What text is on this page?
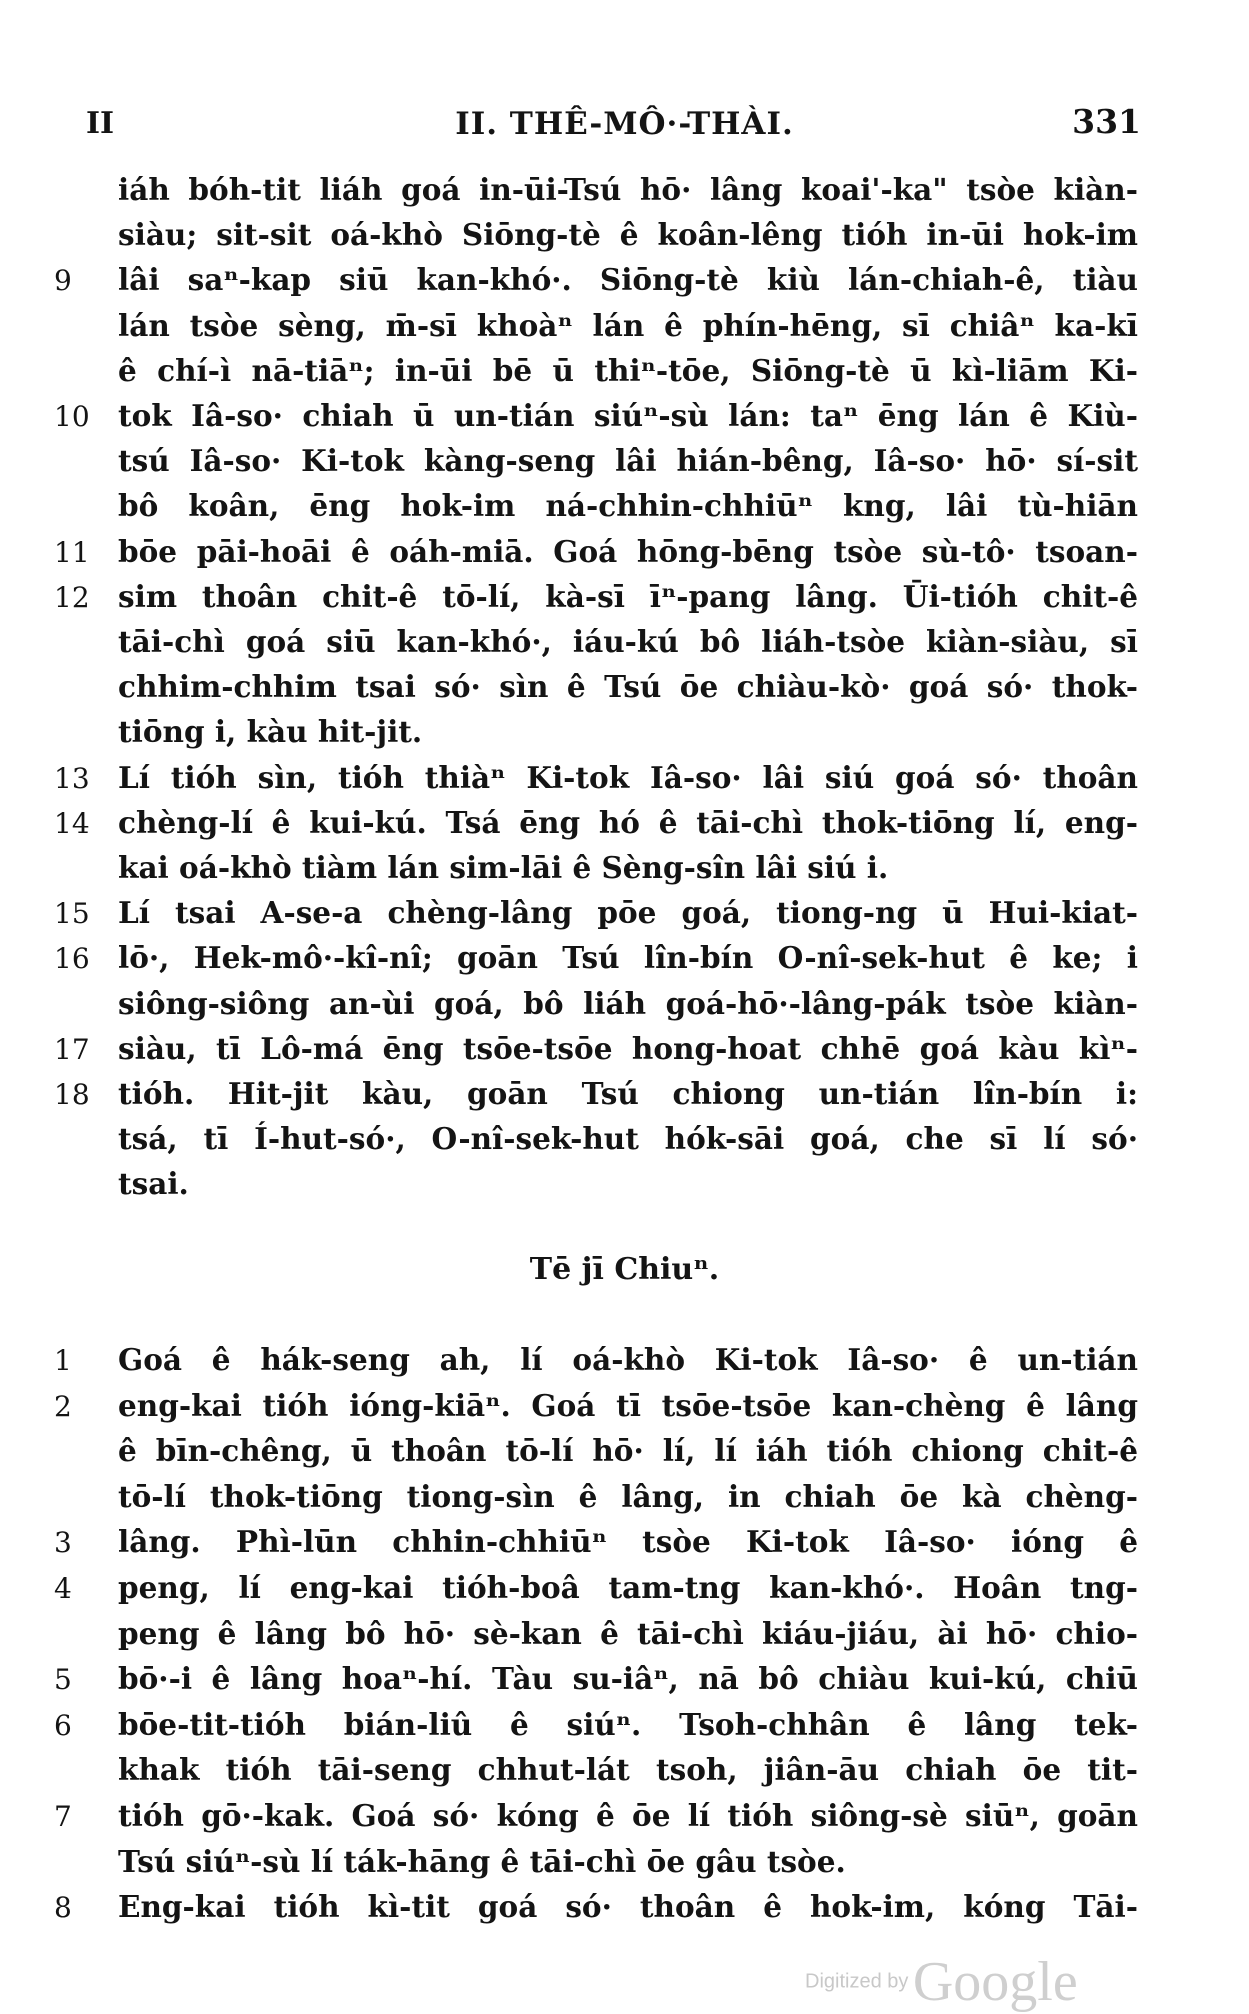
II	II. THÊ-MÔ·-THÀI.	331
iáh bóh-tit liáh goá in-ūi-Tsú hō· lâng koai'-ka" tsòe kiàn-
siàu; sit-sit oá-khò Siōng-tè ê koân-lêng tióh in-ūi hok-im
9	lâi saⁿ-kap siū kan-khó·. Siōng-tè kiù lán-chiah-ê, tiàu
lán tsòe sèng, m̄-sī khoàⁿ lán ê phín-hēng, sī chiâⁿ ka-kī
ê chí-ì nā-tiāⁿ; in-ūi bē ū thiⁿ-tōe, Siōng-tè ū kì-liām Ki-
10 tok Iâ-so· chiah ū un-tián siúⁿ-sù lán: taⁿ ēng lán ê Kiù-
tsú Iâ-so· Ki-tok kàng-seng lâi hián-bêng, Iâ-so· hō· sí-sit
bô koân, ēng hok-im ná-chhin-chhiūⁿ kng, lâi tù-hiān
11 bōe pāi-hoāi ê oáh-miā. Goá hōng-bēng tsòe sù-tô· tsoan-
12 sim thoân chit-ê tō-lí, kà-sī īⁿ-pang lâng. Ūi-tióh chit-ê
tāi-chì goá siū kan-khó·, iáu-kú bô liáh-tsòe kiàn-siàu, sī
chhim-chhim tsai só· sìn ê Tsú ōe chiàu-kò· goá só· thok-
tiōng i, kàu hit-jit.
13 Lí tióh sìn, tióh thiàⁿ Ki-tok Iâ-so· lâi siú goá só· thoân
14 chèng-lí ê kui-kú. Tsá ēng hó ê tāi-chì thok-tiōng lí, eng-
kai oá-khò tiàm lán sim-lāi ê Sèng-sîn lâi siú i.
15 Lí tsai A-se-a chèng-lâng pōe goá, tiong-ng ū Hui-kiat-
16 lō·, Hek-mô·-kî-nî; goān Tsú lîn-bín O-nî-sek-hut ê ke; i
siông-siông an-ùi goá, bô liáh goá-hō·-lâng-pák tsòe kiàn-
17 siàu, tī Lô-má ēng tsōe-tsōe hong-hoat chhē goá kàu kìⁿ-
18 tióh. Hit-jit kàu, goān Tsú chiong un-tián lîn-bín i:
tsá, tī Í-hut-só·, O-nî-sek-hut hók-sāi goá, che sī lí só·
tsai.
Tē jī Chiuⁿ.
1	Goá ê hák-seng ah, lí oá-khò Ki-tok Iâ-so· ê un-tián
2	eng-kai tióh ióng-kiāⁿ. Goá tī tsōe-tsōe kan-chèng ê lâng
ê bīn-chêng, ū thoân tō-lí hō· lí, lí iáh tióh chiong chit-ê
tō-lí thok-tiōng tiong-sìn ê lâng, in chiah ōe kà chèng-
3	lâng. Phì-lūn chhin-chhiūⁿ tsòe Ki-tok Iâ-so· ióng ê
4	peng, lí eng-kai tióh-boâ tam-tng kan-khó·. Hoân tng-
peng ê lâng bô hō· sè-kan ê tāi-chì kiáu-jiáu, ài hō· chio-
5	bō·-i ê lâng hoaⁿ-hí. Tàu su-iâⁿ, nā bô chiàu kui-kú, chiū
6	bōe-tit-tióh bián-liû ê siúⁿ. Tsoh-chhân ê lâng tek-
khak tióh tāi-seng chhut-lát tsoh, jiân-āu chiah ōe tit-
7	tióh gō·-kak. Goá só· kóng ê ōe lí tióh siông-sè siūⁿ, goān
Tsú siúⁿ-sù lí ták-hāng ê tāi-chì ōe gâu tsòe.
8	Eng-kai tióh kì-tit goá só· thoân ê hok-im, kóng Tāi-
Digitized by Google
